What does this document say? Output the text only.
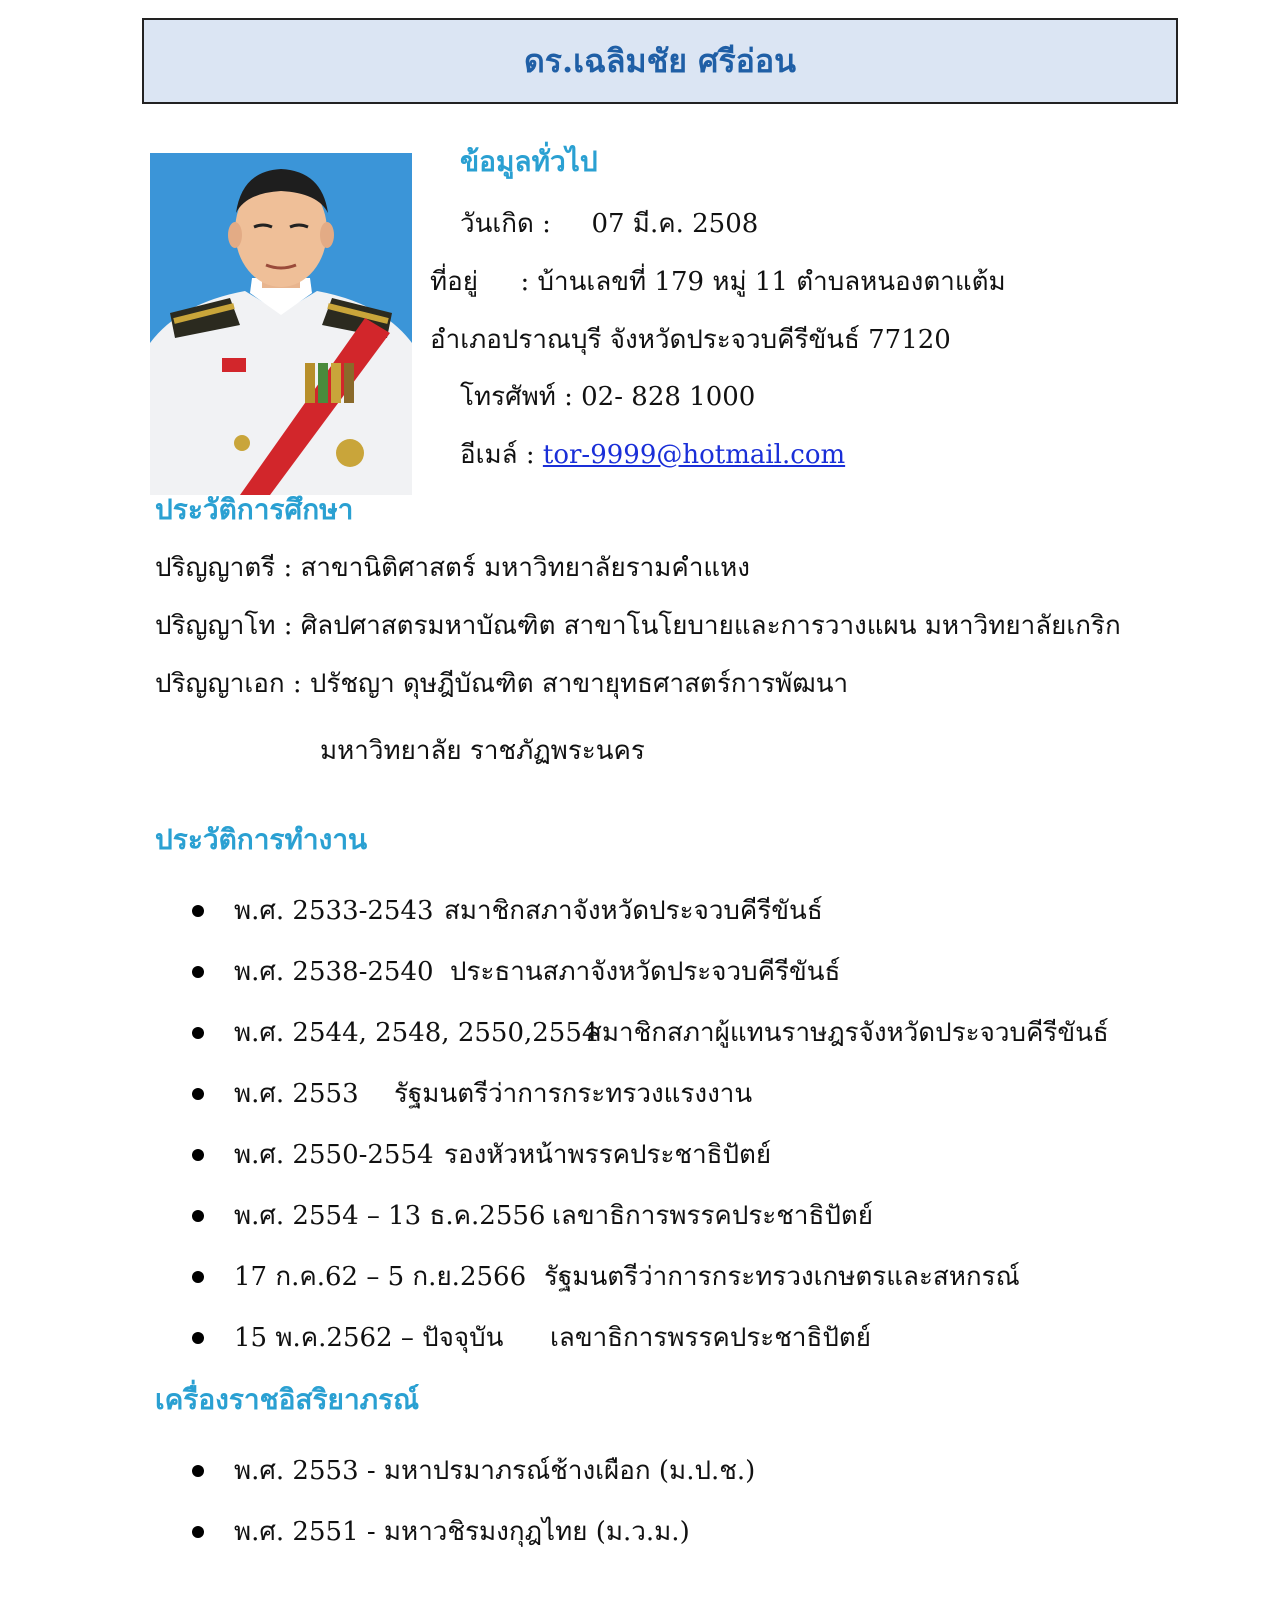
ดร.เฉลิมชัย ศรีอ่อน
ข้อมูลทั่วไป
วันเกิด : 07 มี.ค. 2508
ที่อยู่ : บ้านเลขที่ 179 หมู่ 11 ตำบลหนองตาแต้ม
อำเภอปราณบุรี จังหวัดประจวบคีรีขันธ์ 77120
โทรศัพท์ : 02- 828 1000
อีเมล์ : tor-9999@hotmail.com
ประวัติการศึกษา
ปริญญาตรี : สาขานิติศาสตร์ มหาวิทยาลัยรามคำแหง
ปริญญาโท : ศิลปศาสตรมหาบัณฑิต สาขาโนโยบายและการวางแผน มหาวิทยาลัยเกริก
ปริญญาเอก : ปรัชญา ดุษฎีบัณฑิต สาขายุทธศาสตร์การพัฒนา
มหาวิทยาลัย ราชภัฏพระนคร
ประวัติการทำงาน
พ.ศ. 2533-2543 สมาชิกสภาจังหวัดประจวบคีรีขันธ์
พ.ศ. 2538-2540 ประธานสภาจังหวัดประจวบคีรีขันธ์
พ.ศ. 2544, 2548, 2550,2554
สมาชิกสภาผู้แทนราษฎรจังหวัดประจวบคีรีขันธ์
พ.ศ. 2553	รัฐมนตรีว่าการกระทรวงแรงงาน
พ.ศ. 2550-2554 รองหัวหน้าพรรคประชาธิปัตย์
พ.ศ. 2554 – 13 ธ.ค.2556 เลขาธิการพรรคประชาธิปัตย์
17 ก.ค.62 – 5 ก.ย.2566 รัฐมนตรีว่าการกระทรวงเกษตรและสหกรณ์
15 พ.ค.2562 – ปัจจุบัน	เลขาธิการพรรคประชาธิปัตย์
เครื่องราชอิสริยาภรณ์
พ.ศ. 2553 - มหาปรมาภรณ์ช้างเผือก (ม.ป.ช.)
พ.ศ. 2551 - มหาวชิรมงกุฎไทย (ม.ว.ม.)
